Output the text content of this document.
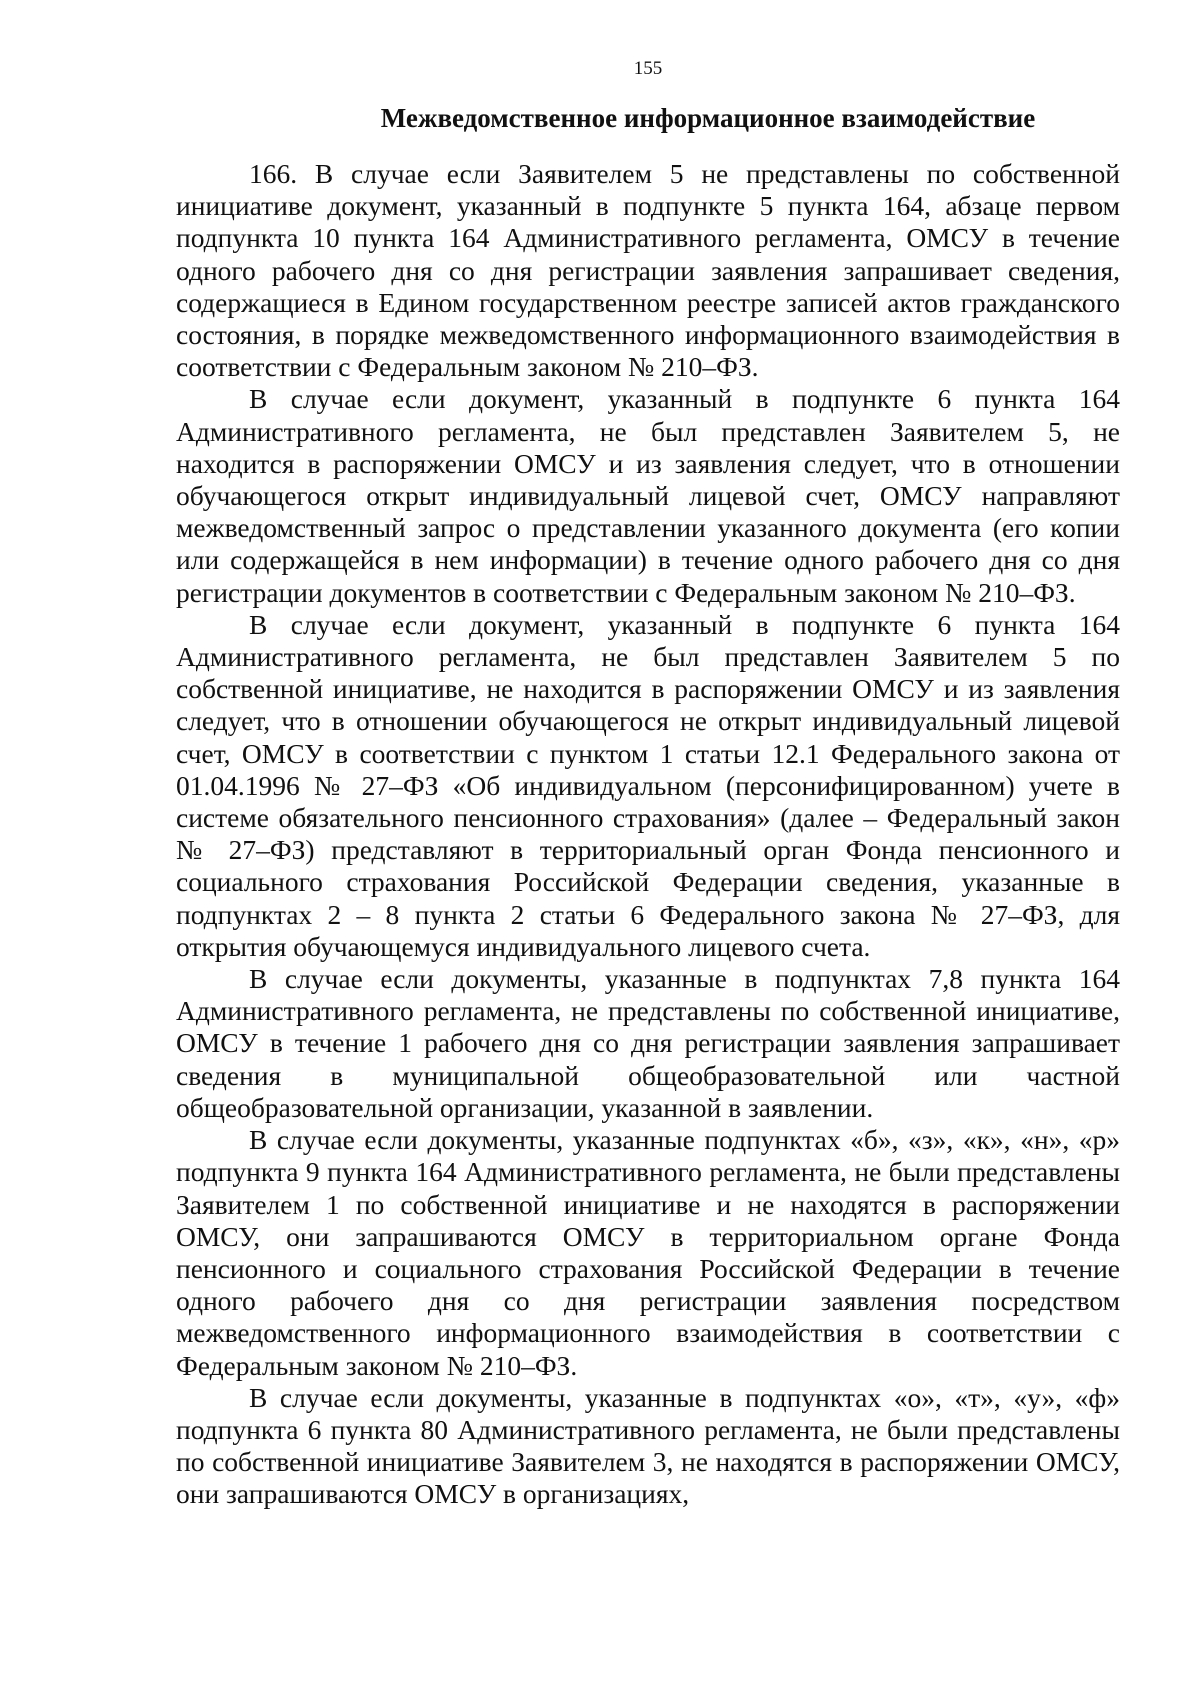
155
Межведомственное информационное взаимодействие

166. В случае если Заявителем 5 не представлены по собственной инициативе документ, указанный в подпункте 5 пункта 164, абзаце первом подпункта 10 пункта 164 Административного регламента, ОМСУ в течение одного рабочего дня со дня регистрации заявления запрашивает сведения, содержащиеся в Едином государственном реестре записей актов гражданского состояния, в порядке межведомственного информационного взаимодействия в соответствии с Федеральным законом № 210–ФЗ.

В случае если документ, указанный в подпункте 6 пункта 164 Административного регламента, не был представлен Заявителем 5, не находится в распоряжении ОМСУ и из заявления следует, что в отношении обучающегося открыт индивидуальный лицевой счет, ОМСУ направляют межведомственный запрос о представлении указанного документа (его копии или содержащейся в нем информации) в течение одного рабочего дня со дня регистрации документов в соответствии с Федеральным законом № 210–ФЗ.

В случае если документ, указанный в подпункте 6 пункта 164 Административного регламента, не был представлен Заявителем 5 по собственной инициативе, не находится в распоряжении ОМСУ и из заявления следует, что в отношении обучающегося не открыт индивидуальный лицевой счет, ОМСУ в соответствии с пунктом 1 статьи 12.1 Федерального закона от 01.04.1996 № 27–ФЗ «Об индивидуальном (персонифицированном) учете в системе обязательного пенсионного страхования» (далее – Федеральный закон № 27–ФЗ) представляют в территориальный орган Фонда пенсионного и социального страхования Российской Федерации сведения, указанные в подпунктах 2 – 8 пункта 2 статьи 6 Федерального закона № 27–ФЗ, для открытия обучающемуся индивидуального лицевого счета.

В случае если документы, указанные в подпунктах 7,8 пункта 164 Административного регламента, не представлены по собственной инициативе, ОМСУ в течение 1 рабочего дня со дня регистрации заявления запрашивает сведения в муниципальной общеобразовательной или частной общеобразовательной организации, указанной в заявлении.

В случае если документы, указанные подпунктах «б», «з», «к», «н», «р» подпункта 9 пункта 164 Административного регламента, не были представлены Заявителем 1 по собственной инициативе и не находятся в распоряжении ОМСУ, они запрашиваются ОМСУ в территориальном органе Фонда пенсионного и социального страхования Российской Федерации в течение одного рабочего дня со дня регистрации заявления посредством межведомственного информационного взаимодействия в соответствии с Федеральным законом № 210–ФЗ.

В случае если документы, указанные в подпунктах «о», «т», «у», «ф» подпункта 6 пункта 80 Административного регламента, не были представлены по собственной инициативе Заявителем 3, не находятся в распоряжении ОМСУ, они запрашиваются ОМСУ в организациях,
